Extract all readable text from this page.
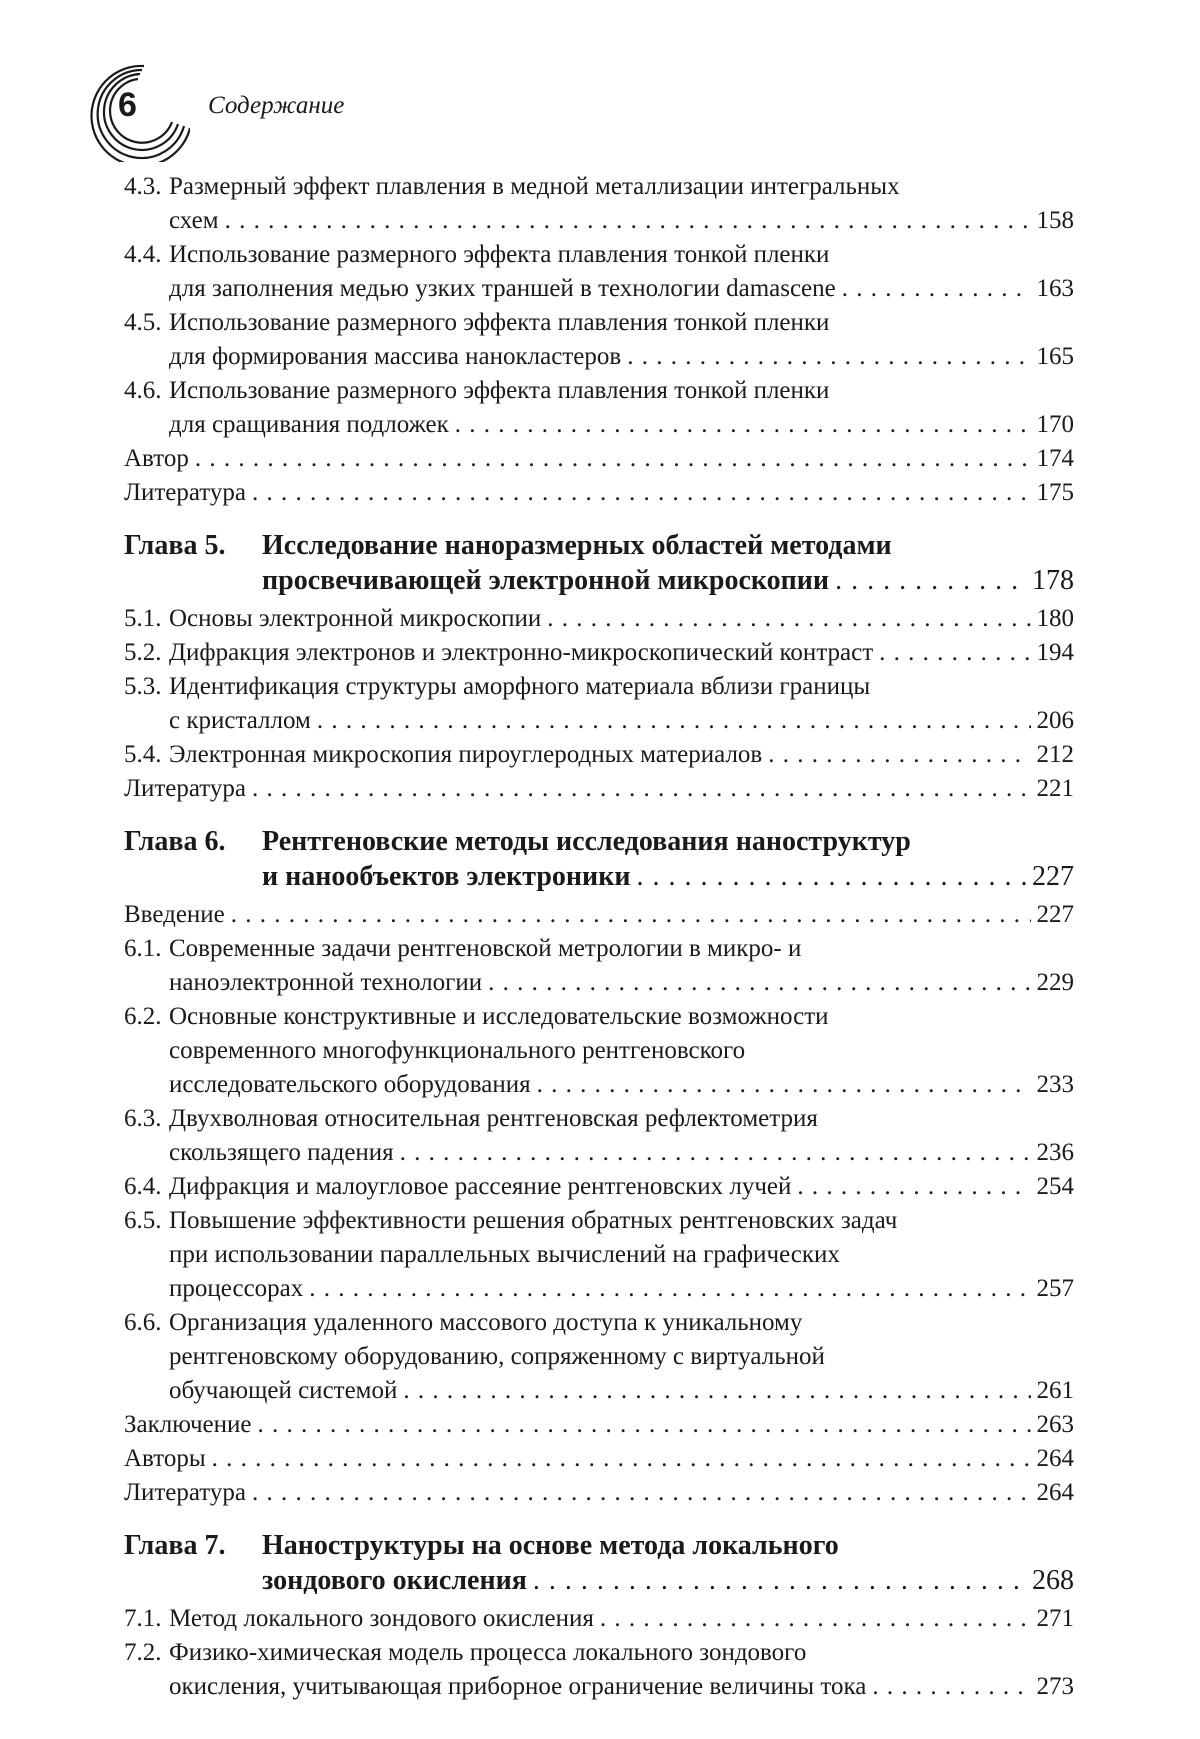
6	Содержание
4.3. Размерный эффект плавления в медной металлизации интегральных
схем . . .	158
4.4. Использование размерного эффекта плавления тонкой пленки
для заполнения медью узких траншей в технологии damascene . . .	163
4.5. Использование размерного эффекта плавления тонкой пленки
для формирования массива нанокластеров . . .	165
4.6. Использование размерного эффекта плавления тонкой пленки
для сращивания подложек . . .	170
Автор . . .	174
Литература . . .	175
Глава 5.	Исследование наноразмерных областей методами
просвечивающей электронной микроскопии . . .	178
5.1. Основы электронной микроскопии . . .	180
5.2. Дифракция электронов и электронно-микроскопический контраст . . .	194
5.3. Идентификация структуры аморфного материала вблизи границы
с кристаллом . . .	206
5.4. Электронная микроскопия пироуглеродных материалов . . .	212
Литература . . .	221
Глава 6.	Рентгеновские методы исследования наноструктур
и нанообъектов электроники . . .	227
Введение . . .	227
6.1. Современные задачи рентгеновской метрологии в микро- и
наноэлектронной технологии . . .	229
6.2. Основные конструктивные и исследовательские возможности
современного многофункционального рентгеновского
исследовательского оборудования . . .	233
6.3. Двухволновая относительная рентгеновская рефлектометрия
скользящего падения . . .	236
6.4. Дифракция и малоугловое рассеяние рентгеновских лучей . . .	254
6.5. Повышение эффективности решения обратных рентгеновских задач
при использовании параллельных вычислений на графических
процессорах . . .	257
6.6. Организация удаленного массового доступа к уникальному
рентгеновскому оборудованию, сопряженному с виртуальной
обучающей системой . . .	261
Заключение . . .	263
Авторы . . .	264
Литература . . .	264
Глава 7.	Наноструктуры на основе метода локального
зондового окисления . . .	268
7.1. Метод локального зондового окисления . . .	271
7.2. Физико-химическая модель процесса локального зондового
окисления, учитывающая приборное ограничение величины тока . . .	273
